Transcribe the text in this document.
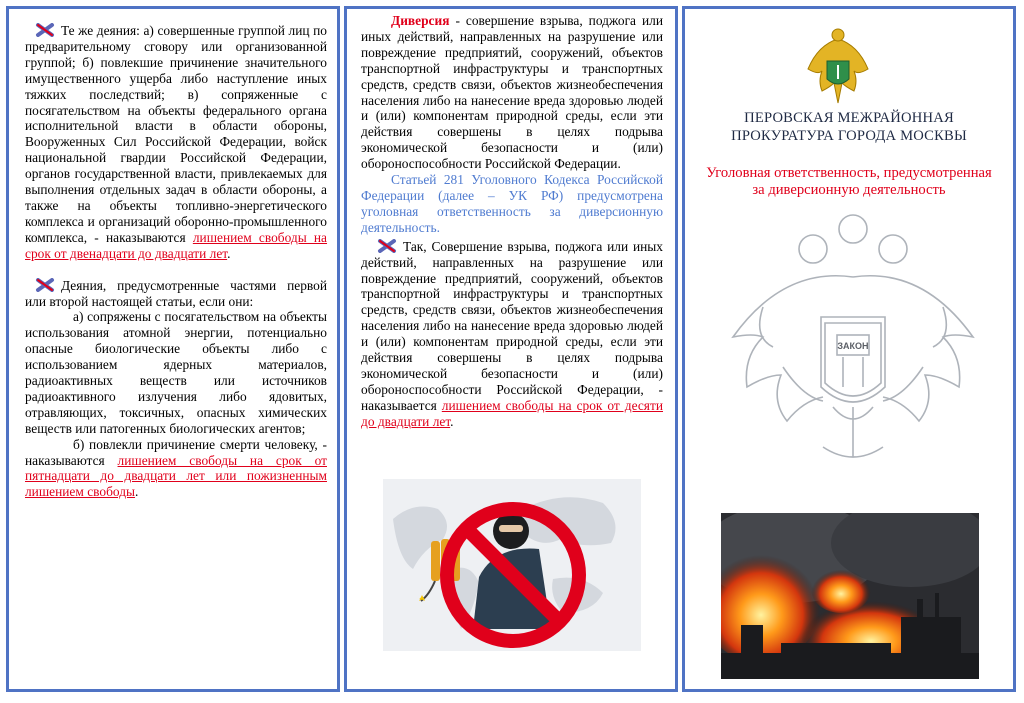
Те же деяния: а) совершенные группой лиц по предварительному сговору или организованной группой; б) повлекшие причинение значительного имущественного ущерба либо наступление иных тяжких последствий; в) сопряженные с посягательством на объекты федерального органа исполнительной власти в области обороны, Вооруженных Сил Российской Федерации, войск национальной гвардии Российской Федерации, органов государственной власти, привлекаемых для выполнения отдельных задач в области обороны, а также на объекты топливно-энергетического комплекса и организаций оборонно-промышленного комплекса, - наказываются лишением свободы на срок от двенадцати до двадцати лет.

Деяния, предусмотренные частями первой или второй настоящей статьи, если они:

а) сопряжены с посягательством на объекты использования атомной энергии, потенциально опасные биологические объекты либо с использованием ядерных материалов, радиоактивных веществ или источников радиоактивного излучения либо ядовитых, отравляющих, токсичных, опасных химических веществ или патогенных биологических агентов;

б) повлекли причинение смерти человеку, - наказываются лишением свободы на срок от пятнадцати до двадцати лет или пожизненным лишением свободы.

Диверсия - совершение взрыва, поджога или иных действий, направленных на разрушение или повреждение предприятий, сооружений, объектов транспортной инфраструктуры и транспортных средств, средств связи, объектов жизнеобеспечения населения либо на нанесение вреда здоровью людей и (или) компонентам природной среды, если эти действия совершены в целях подрыва экономической безопасности и (или) обороноспособности Российской Федерации.

Статьей 281 Уголовного Кодекса Российской Федерации (далее – УК РФ) предусмотрена уголовная ответственность за диверсионную деятельность.

Так, Совершение взрыва, поджога или иных действий, направленных на разрушение или повреждение предприятий, сооружений, объектов транспортной инфраструктуры и транспортных средств, средств связи, объектов жизнеобеспечения населения либо на нанесение вреда здоровью людей и (или) компонентам природной среды, если эти действия совершены в целях подрыва экономической безопасности и (или) обороноспособности Российской Федерации, - наказывается лишением свободы на срок от десяти до двадцати лет.

ПЕРОВСКАЯ МЕЖРАЙОННАЯ
ПРОКУРАТУРА ГОРОДА МОСКВЫ
Уголовная ответственность, предусмотренная
за диверсионную деятельность
ЗАКОН
